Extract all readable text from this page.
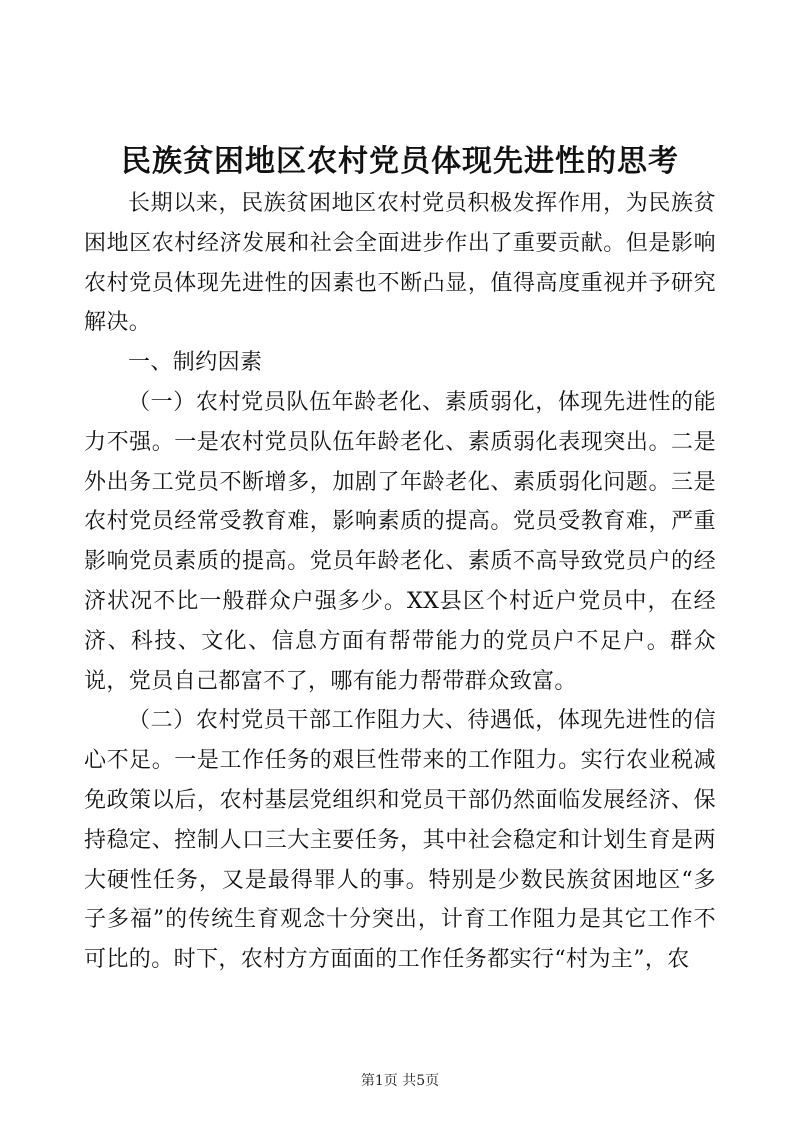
民族贫困地区农村党员体现先进性的思考

长期以来，民族贫困地区农村党员积极发挥作用，为民族贫困地区农村经济发展和社会全面进步作出了重要贡献。但是影响农村党员体现先进性的因素也不断凸显，值得高度重视并予研究解决。

一、制约因素

（一）农村党员队伍年龄老化、素质弱化，体现先进性的能力不强。一是农村党员队伍年龄老化、素质弱化表现突出。二是外出务工党员不断增多，加剧了年龄老化、素质弱化问题。三是农村党员经常受教育难，影响素质的提高。党员受教育难，严重影响党员素质的提高。党员年龄老化、素质不高导致党员户的经济状况不比一般群众户强多少。XX县区个村近户党员中，在经济、科技、文化、信息方面有帮带能力的党员户不足户。群众说，党员自己都富不了，哪有能力帮带群众致富。

（二）农村党员干部工作阻力大、待遇低，体现先进性的信心不足。一是工作任务的艰巨性带来的工作阻力。实行农业税减免政策以后，农村基层党组织和党员干部仍然面临发展经济、保持稳定、控制人口三大主要任务，其中社会稳定和计划生育是两大硬性任务，又是最得罪人的事。特别是少数民族贫困地区“多子多福”的传统生育观念十分突出，计育工作阻力是其它工作不可比的。时下，农村方方面面的工作任务都实行“村为主”，农

第1页 共5页
